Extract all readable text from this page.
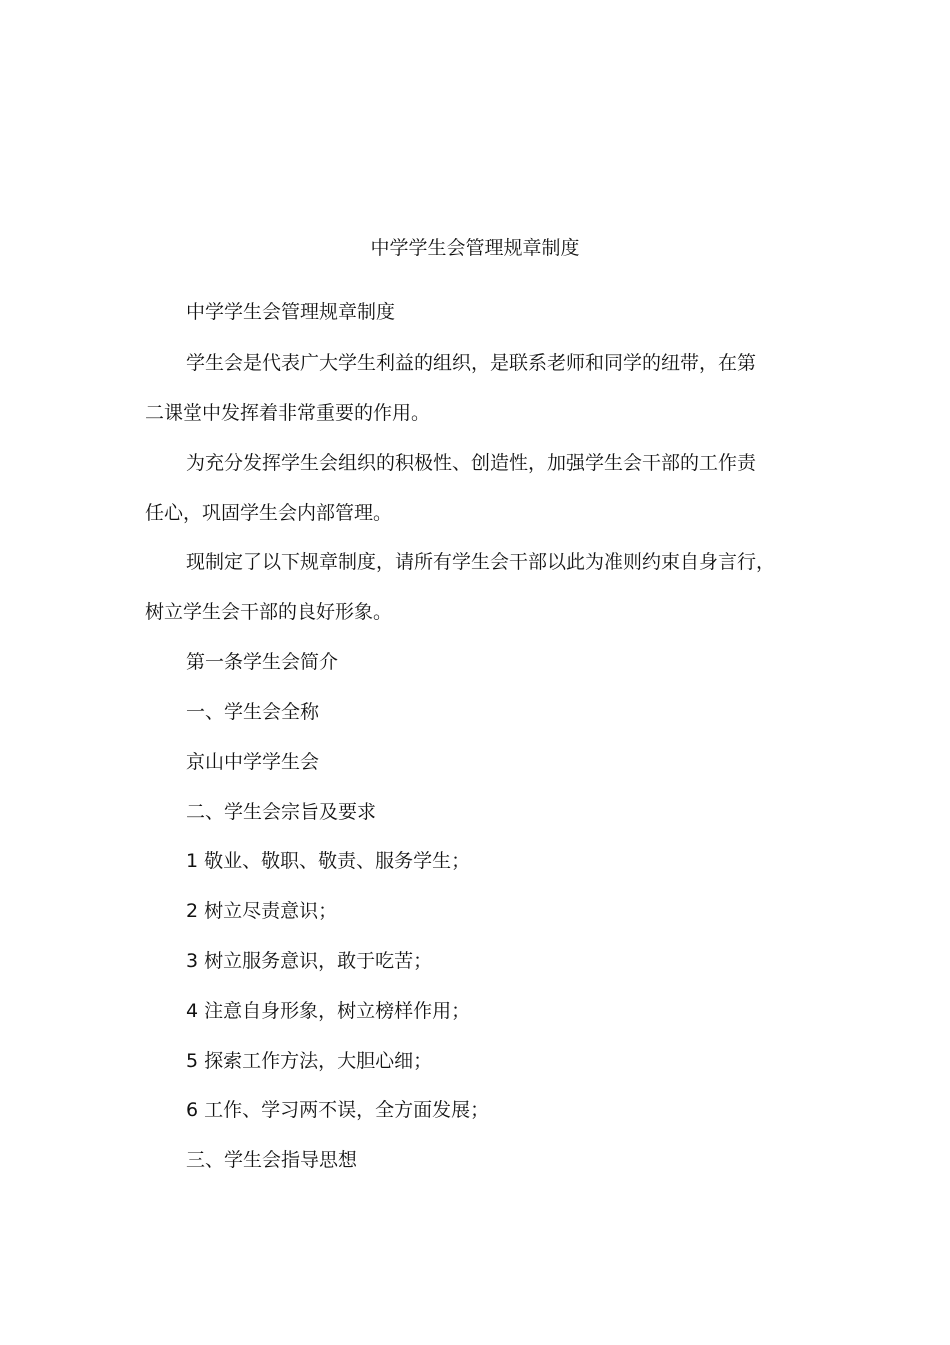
中学学生会管理规章制度
中学学生会管理规章制度
学生会是代表广大学生利益的组织，是联系老师和同学的纽带，在第
二课堂中发挥着非常重要的作用。
为充分发挥学生会组织的积极性、创造性，加强学生会干部的工作责
任心，巩固学生会内部管理。
现制定了以下规章制度，请所有学生会干部以此为准则约束自身言行，
树立学生会干部的良好形象。
第一条学生会简介
一、学生会全称
京山中学学生会
二、学生会宗旨及要求
1 敬业、敬职、敬责、服务学生；
2 树立尽责意识；
3 树立服务意识，敢于吃苦；
4 注意自身形象，树立榜样作用；
5 探索工作方法，大胆心细；
6 工作、学习两不误，全方面发展；
三、学生会指导思想
